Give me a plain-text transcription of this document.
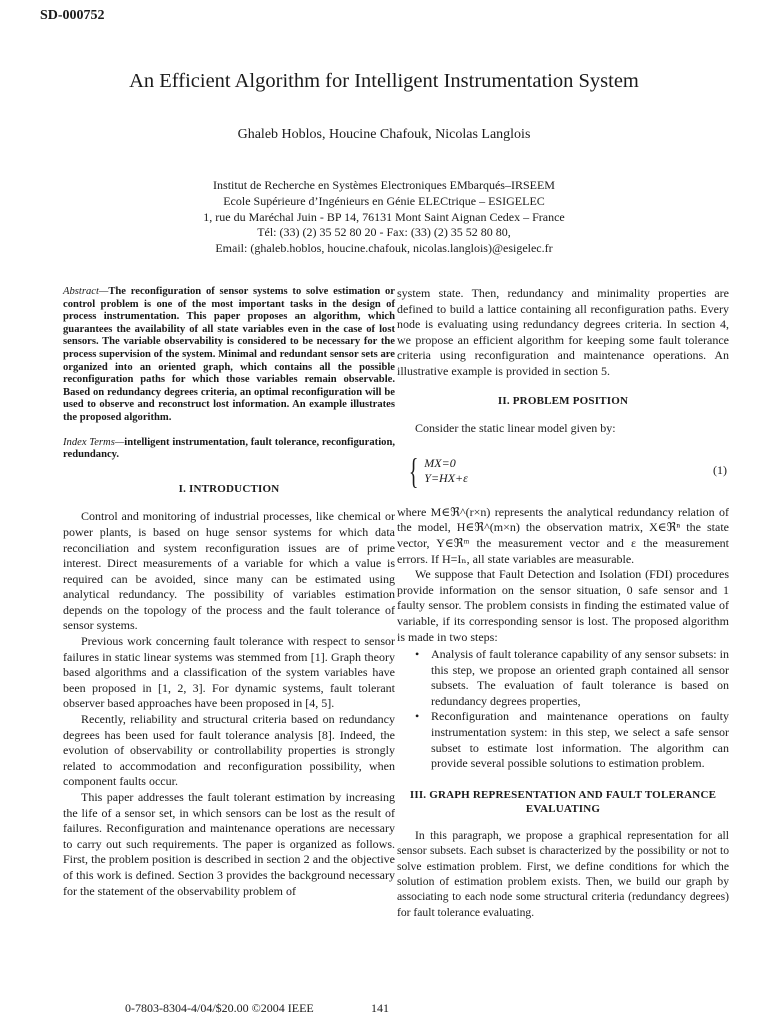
SD-000752
An Efficient Algorithm for Intelligent Instrumentation System
Ghaleb Hoblos, Houcine Chafouk, Nicolas Langlois
Institut de Recherche en Systèmes Electroniques EMbarqués–IRSEEM
Ecole Supérieure d’Ingénieurs en Génie ELECtrique – ESIGELEC
1, rue du Maréchal Juin - BP 14, 76131 Mont Saint Aignan Cedex – France
Tél: (33) (2) 35 52 80 20 - Fax: (33) (2) 35 52 80 80,
Email: (ghaleb.hoblos, houcine.chafouk, nicolas.langlois)@esigelec.fr

Abstract—The reconfiguration of sensor systems to solve estimation or control problem is one of the most important tasks in the design of process instrumentation. This paper proposes an algorithm, which guarantees the availability of all state variables even in the case of lost sensors. The variable observability is considered to be necessary for the process supervision of the system. Minimal and redundant sensor sets are organized into an oriented graph, which contains all the possible reconfiguration paths for which those variables remain observable. Based on redundancy degrees criteria, an optimal reconfiguration will be used to observe and reconstruct lost information. An example illustrates the proposed algorithm.

Index Terms—intelligent instrumentation, fault tolerance, reconfiguration, redundancy.

I. INTRODUCTION

Control and monitoring of industrial processes, like chemical or power plants, is based on huge sensor systems for which data reconciliation and system reconfiguration issues are of prime interest. Direct measurements of a variable for which a value is required can be avoided, since many can be estimated using analytical redundancy. The possibility of variables estimation depends on the topology of the process and the fault tolerance of sensor systems.

Previous work concerning fault tolerance with respect to sensor failures in static linear systems was stemmed from [1]. Graph theory based algorithms and a classification of the system variables have been proposed in [1, 2, 3]. For dynamic systems, fault tolerant observer based approaches have been proposed in [4, 5].

Recently, reliability and structural criteria based on redundancy degrees has been used for fault tolerance analysis [8]. Indeed, the evolution of observability or controllability properties is strongly related to accommodation and reconfiguration possibility, when component faults occur.

This paper addresses the fault tolerant estimation by increasing the life of a sensor set, in which sensors can be lost as the result of failures. Reconfiguration and maintenance operations are necessary to carry out such requirements. The paper is organized as follows. First, the problem position is described in section 2 and the objective of this work is defined. Section 3 provides the background necessary for the statement of the observability problem of

system state. Then, redundancy and minimality properties are defined to build a lattice containing all reconfiguration paths. Every node is evaluating using redundancy degrees criteria. In section 4, we propose an efficient algorithm for keeping some fault tolerance criteria using reconfiguration and maintenance operations. An illustrative example is provided in section 5.

II. PROBLEM POSITION

Consider the static linear model given by:

{ MX=0
Y=HX+ε
(1)

where M∈ℜ^(r×n) represents the analytical redundancy relation of the model, H∈ℜ^(m×n) the observation matrix, X∈ℜⁿ the state vector, Y∈ℜᵐ the measurement vector and ε the measurement errors. If H=Iₙ, all state variables are measurable.

We suppose that Fault Detection and Isolation (FDI) procedures provide information on the sensor situation, 0 safe sensor and 1 faulty sensor. The problem consists in finding the estimated value of variable, if its corresponding sensor is lost. The proposed algorithm is made in two steps:

• Analysis of fault tolerance capability of any sensor subsets: in this step, we propose an oriented graph contained all sensor subsets. The evaluation of fault tolerance is based on redundancy degrees properties,
• Reconfiguration and maintenance operations on faulty instrumentation system: in this step, we select a safe sensor subset to estimate lost information. The algorithm can provide several possible solutions to estimation problem.
III. GRAPH REPRESENTATION AND FAULT TOLERANCE
EVALUATING

In this paragraph, we propose a graphical representation for all sensor subsets. Each subset is characterized by the possibility or not to solve estimation problem. First, we define conditions for which the solution of estimation problem exists. Then, we build our graph by associating to each node some structural criteria (redundancy degrees) for fault tolerance evaluating.

0-7803-8304-4/04/$20.00 ©2004 IEEE	141
